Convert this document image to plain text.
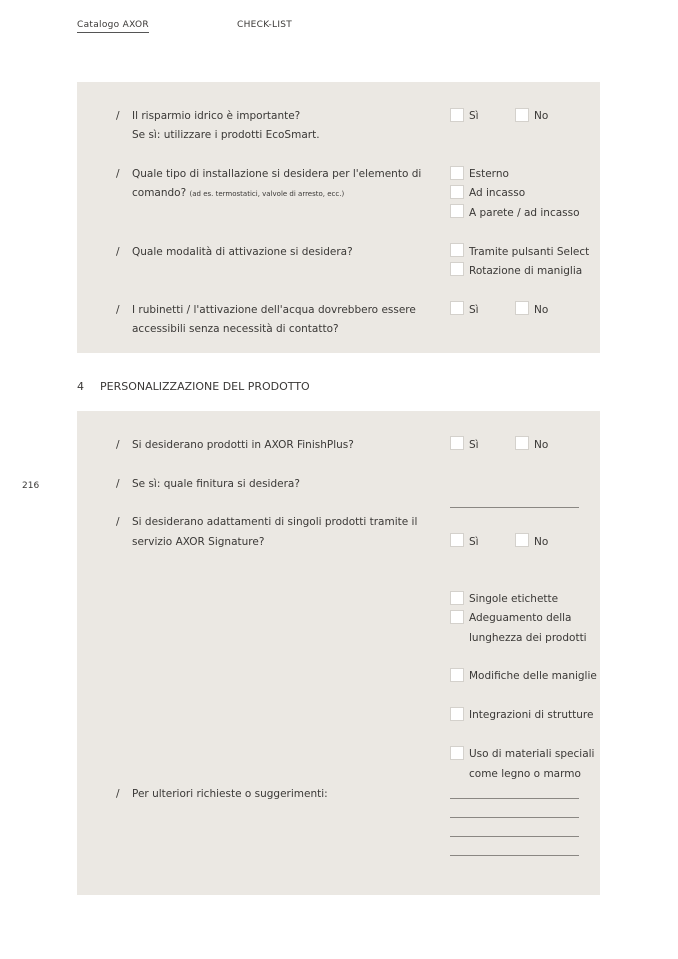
Catalogo AXOR	CHECK-LIST
216
/ Il risparmio idrico è importante?
Se sì: utilizzare i prodotti EcoSmart.
Sì	No
/ Quale tipo di installazione si desidera per l'elemento di
comando? (ad es. termostatici, valvole di arresto, ecc.)
Esterno
Ad incasso
A parete / ad incasso
/ Quale modalità di attivazione si desidera?	Tramite pulsanti Select
Rotazione di maniglia
/ I rubinetti / l'attivazione dell'acqua dovrebbero essere
accessibili senza necessità di contatto?
Sì	No
4 PERSONALIZZAZIONE DEL PRODOTTO
/ Si desiderano prodotti in AXOR FinishPlus?	Sì	No
/ Se sì: quale finitura si desidera?
/ Si desiderano adattamenti di singoli prodotti tramite il
servizio AXOR Signature?	Sì	No
Singole etichette
Adeguamento della
lunghezza dei prodotti
Modifiche delle maniglie
Integrazioni di strutture
Uso di materiali speciali
come legno o marmo
/ Per ulteriori richieste o suggerimenti:
